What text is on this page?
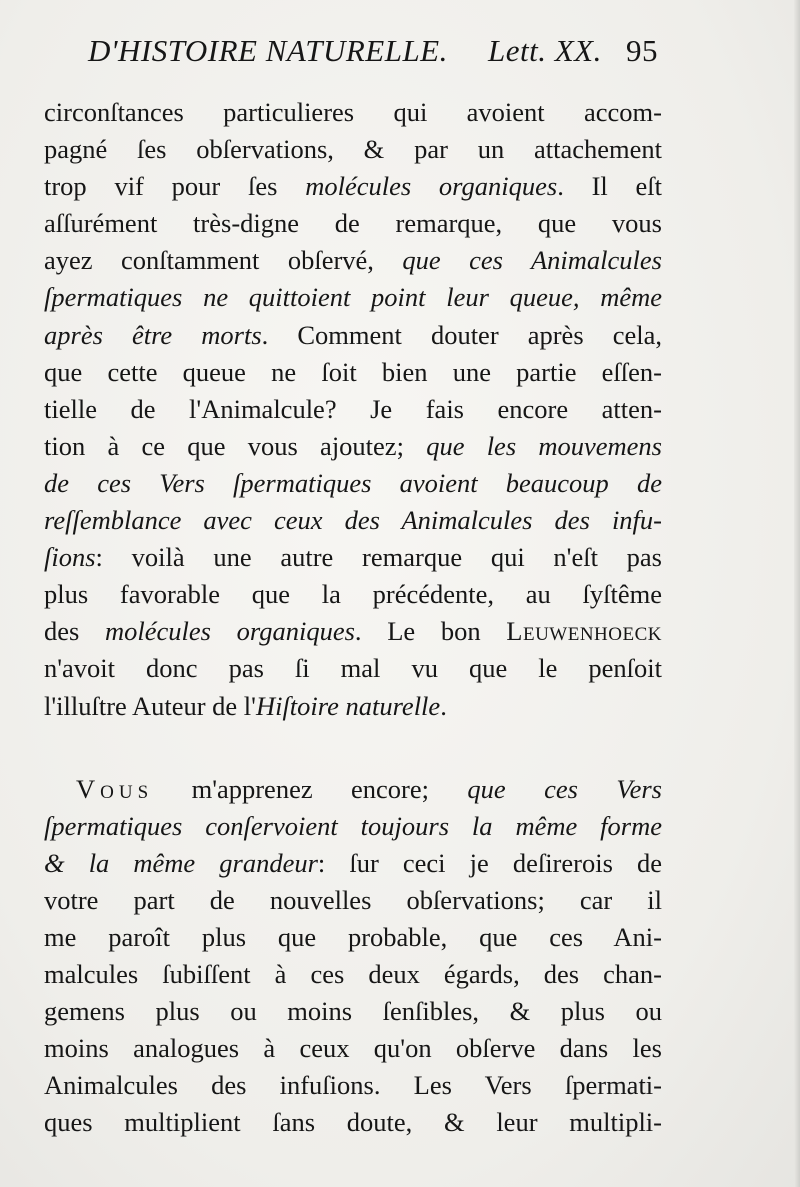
D'HISTOIRE NATURELLE. Lett. XX. 95
circonſtances particulieres qui avoient accom-
pagné ſes obſervations, & par un attachement
trop vif pour ſes molécules organiques. Il eſt
aſſurément très-digne de remarque, que vous
ayez conſtamment obſervé, que ces Animalcules
ſpermatiques ne quittoient point leur queue, même
après être morts. Comment douter après cela,
que cette queue ne ſoit bien une partie eſſen-
tielle de l'Animalcule? Je fais encore atten-
tion à ce que vous ajoutez; que les mouvemens
de ces Vers ſpermatiques avoient beaucoup de
reſſemblance avec ceux des Animalcules des infu-
ſions: voilà une autre remarque qui n'eſt pas
plus favorable que la précédente, au ſyſtême
des molécules organiques. Le bon Leuwenhoeck
n'avoit donc pas ſi mal vu que le penſoit
l'illuſtre Auteur de l'Hiſtoire naturelle.
Vous m'apprenez encore; que ces Vers
ſpermatiques conſervoient toujours la même forme
& la même grandeur: ſur ceci je deſirerois de
votre part de nouvelles obſervations; car il
me paroît plus que probable, que ces Ani-
malcules ſubiſſent à ces deux égards, des chan-
gemens plus ou moins ſenſibles, & plus ou
moins analogues à ceux qu'on obſerve dans les
Animalcules des infuſions. Les Vers ſpermati-
ques multiplient ſans doute, & leur multipli-
